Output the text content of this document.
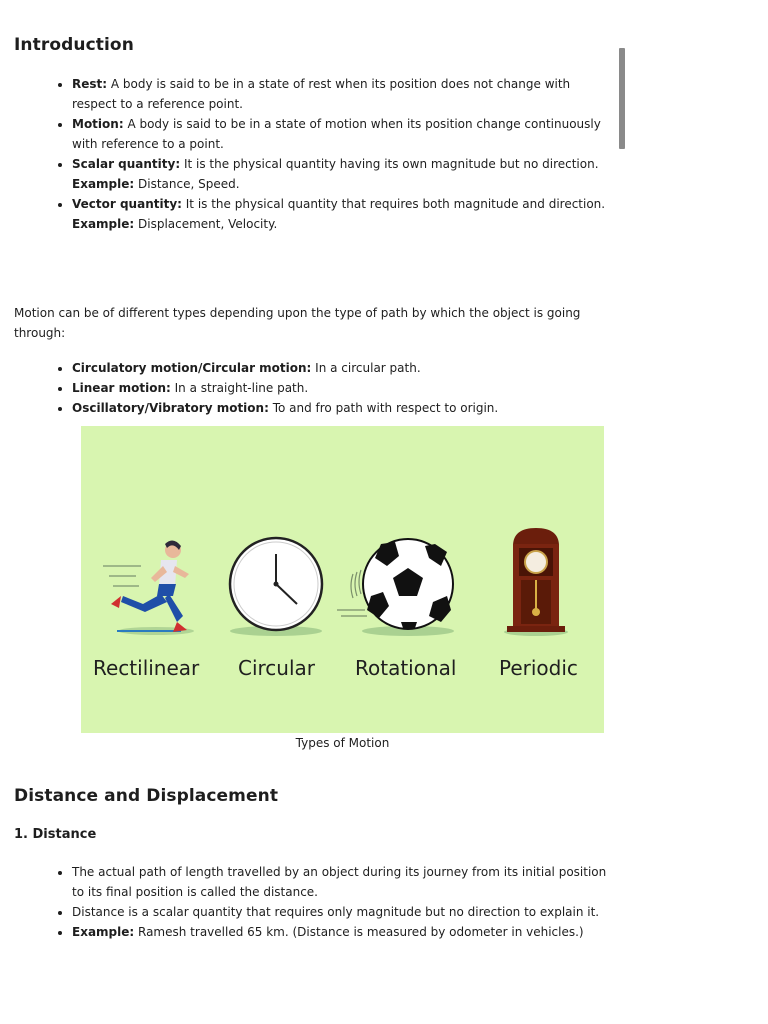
Introduction
• Rest: A body is said to be in a state of rest when its position does not change with respect to a reference point.
• Motion: A body is said to be in a state of motion when its position change continuously with reference to a point.
• Scalar quantity: It is the physical quantity having its own magnitude but no direction.
Example: Distance, Speed.
• Vector quantity: It is the physical quantity that requires both magnitude and direction.
Example: Displacement, Velocity.

Motion can be of different types depending upon the type of path by which the object is going through:

• Circulatory motion/Circular motion: In a circular path.
• Linear motion: In a straight-line path.
• Oscillatory/Vibratory motion: To and fro path with respect to origin.
Rectilinear Circular Rotational Periodic
Types of Motion
Distance and Displacement
1. Distance
• The actual path of length travelled by an object during its journey from its initial position to its final position is called the distance.
• Distance is a scalar quantity that requires only magnitude but no direction to explain it.
• Example: Ramesh travelled 65 km. (Distance is measured by odometer in vehicles.)
